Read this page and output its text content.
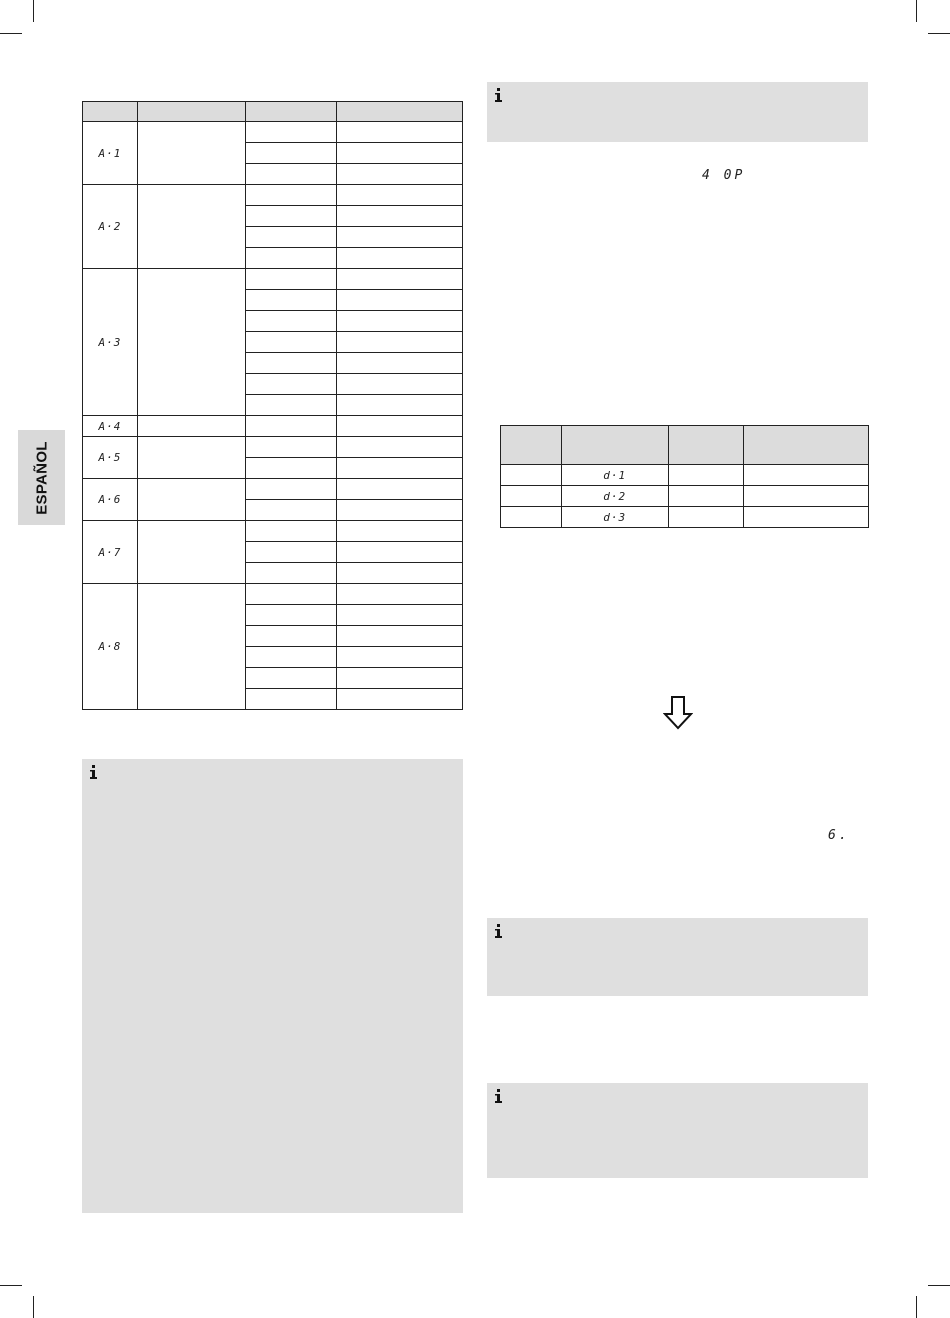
ESPAÑOL

A·1			

A·2			

A·3			

A·4			
A·5			

A·6			

A·7			

A·8			

4 0P

	d·1		
	d·2		
	d·3		
6.
